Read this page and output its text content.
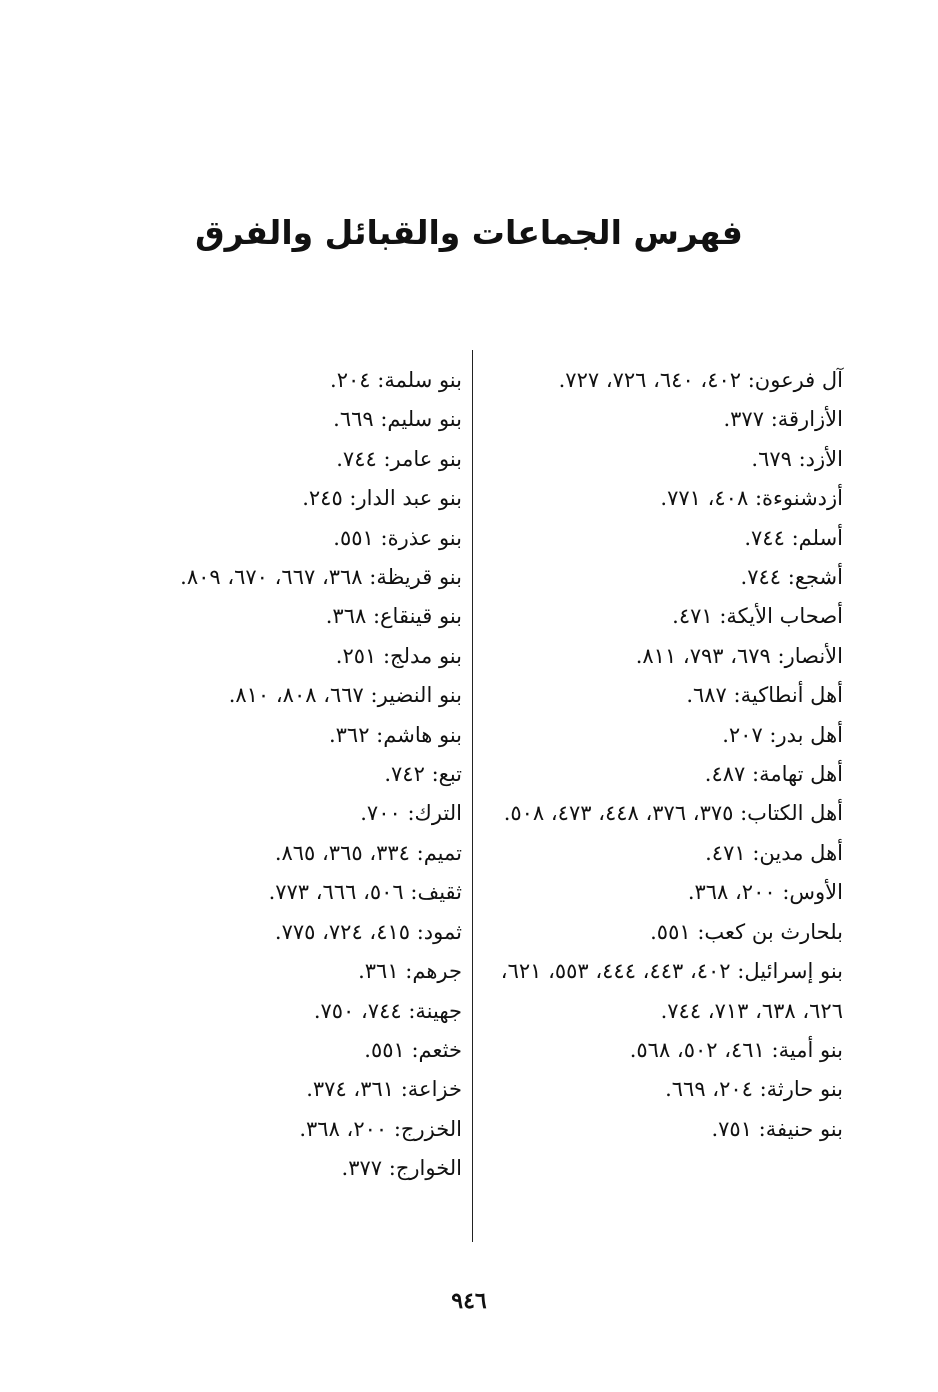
فهرس الجماعات والقبائل والفرق
آل فرعون: ٤٠٢، ٦٤٠، ٧٢٦، ٧٢٧.
الأزارقة: ٣٧٧.
الأزد: ٦٧٩.
أزدشنوءة: ٤٠٨، ٧٧١.
أسلم: ٧٤٤.
أشجع: ٧٤٤.
أصحاب الأيكة: ٤٧١.
الأنصار: ٦٧٩، ٧٩٣، ٨١١.
أهل أنطاكية: ٦٨٧.
أهل بدر: ٢٠٧.
أهل تهامة: ٤٨٧.
أهل الكتاب: ٣٧٥، ٣٧٦، ٤٤٨، ٤٧٣، ٥٠٨.
أهل مدين: ٤٧١.
الأوس: ٢٠٠، ٣٦٨.
بلحارث بن كعب: ٥٥١.
بنو إسرائيل: ٤٠٢، ٤٤٣، ٤٤٤، ٥٥٣، ٦٢١، ٦٢٦، ٦٣٨، ٧١٣، ٧٤٤.
بنو أمية: ٤٦١، ٥٠٢، ٥٦٨.
بنو حارثة: ٢٠٤، ٦٦٩.
بنو حنيفة: ٧٥١.
بنو سلمة: ٢٠٤.
بنو سليم: ٦٦٩.
بنو عامر: ٧٤٤.
بنو عبد الدار: ٢٤٥.
بنو عذرة: ٥٥١.
بنو قريظة: ٣٦٨، ٦٦٧، ٦٧٠، ٨٠٩.
بنو قينقاع: ٣٦٨.
بنو مدلج: ٢٥١.
بنو النضير: ٦٦٧، ٨٠٨، ٨١٠.
بنو هاشم: ٣٦٢.
تبع: ٧٤٢.
الترك: ٧٠٠.
تميم: ٣٣٤، ٣٦٥، ٨٦٥.
ثقيف: ٥٠٦، ٦٦٦، ٧٧٣.
ثمود: ٤١٥، ٧٢٤، ٧٧٥.
جرهم: ٣٦١.
جهينة: ٧٤٤، ٧٥٠.
خثعم: ٥٥١.
خزاعة: ٣٦١، ٣٧٤.
الخزرج: ٢٠٠، ٣٦٨.
الخوارج: ٣٧٧.
٩٤٦
